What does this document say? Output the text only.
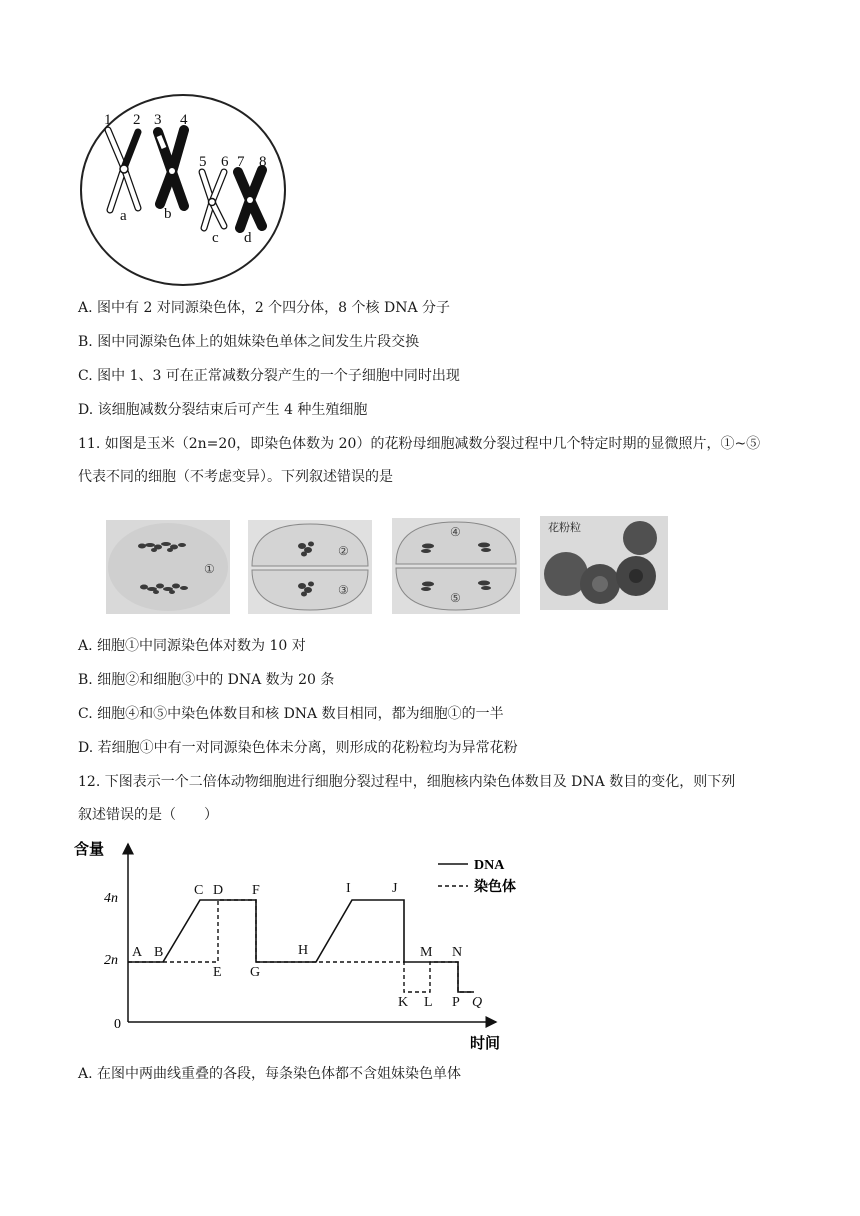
1 2 3 4
5 6 7 8
a b
c d
A. 图中有 2 对同源染色体，2 个四分体，8 个核 DNA 分子
B. 图中同源染色体上的姐妹染色单体之间发生片段交换
C. 图中 1、3 可在正常减数分裂产生的一个子细胞中同时出现
D. 该细胞减数分裂结束后可产生 4 种生殖细胞
11. 如图是玉米（2n=20，即染色体数为 20）的花粉母细胞减数分裂过程中几个特定时期的显微照片，①~⑤
代表不同的细胞（不考虑变异）。下列叙述错误的是
①
②
③
④
⑤
花粉粒
A. 细胞①中同源染色体对数为 10 对
B. 细胞②和细胞③中的 DNA 数为 20 条
C. 细胞④和⑤中染色体数目和核 DNA 数目相同，都为细胞①的一半
D. 若细胞①中有一对同源染色体未分离，则形成的花粉粒均为异常花粉
12. 下图表示一个二倍体动物细胞进行细胞分裂过程中，细胞核内染色体数目及 DNA 数目的变化，则下列
叙述错误的是（　　）
含量
时间
4n
2n
0
DNA
染色体
A B
C D
E
F
G
H
I	J
K L
M N
P Q
A. 在图中两曲线重叠的各段，每条染色体都不含姐妹染色单体
